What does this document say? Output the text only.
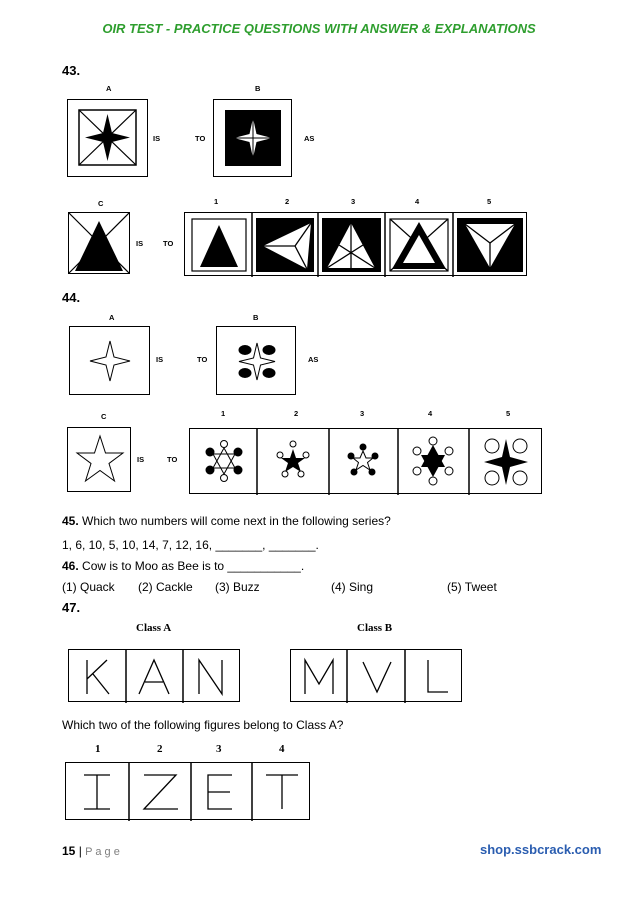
OIR TEST - PRACTICE QUESTIONS WITH ANSWER & EXPLANATIONS
43.
A	B
IS	TO	AS
C	1	2	3	4	5
IS	TO
44.
A	B
IS	TO	AS
C	1	2	3	4	5
IS	TO
45. Which two numbers will come next in the following series?
1, 6, 10, 5, 10, 14, 7, 12, 16, _______, _______.
46. Cow is to Moo as Bee is to ___________.
(1) Quack (2) Cackle (3) Buzz	(4) Sing	(5) Tweet
47.
Class A	Class B
Which two of the following figures belong to Class A?
1	2	3	4
15 | P a g e	shop.ssbcrack.com
